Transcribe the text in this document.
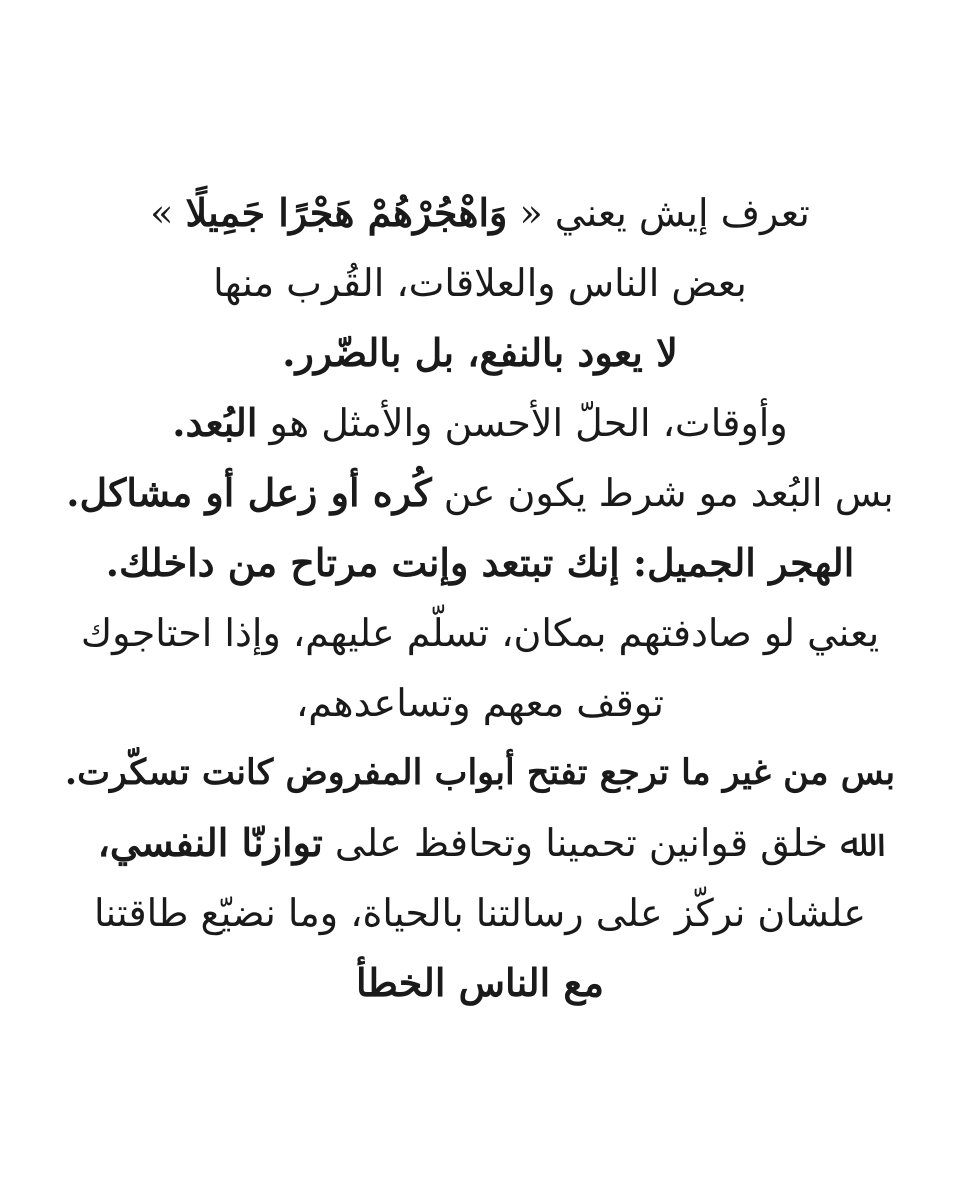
تعرف إيش يعني « وَاهْجُرْهُمْ هَجْرًا جَمِيلًا »
بعض الناس والعلاقات، القُرب منها
لا يعود بالنفع، بل بالضّرر.
وأوقات، الحلّ الأحسن والأمثل هو البُعد.
بس البُعد مو شرط يكون عن كُره أو زعل أو مشاكل.
الهجر الجميل: إنك تبتعد وإنت مرتاح من داخلك.
يعني لو صادفتهم بمكان، تسلّم عليهم، وإذا احتاجوك
توقف معهم وتساعدهم،
بس من غير ما ترجع تفتح أبواب المفروض كانت تسكّرت.
ﷲ خلق قوانين تحمينا وتحافظ على توازنّا النفسي،
علشان نركّز على رسالتنا بالحياة، وما نضيّع طاقتنا
مع الناس الخطأ
